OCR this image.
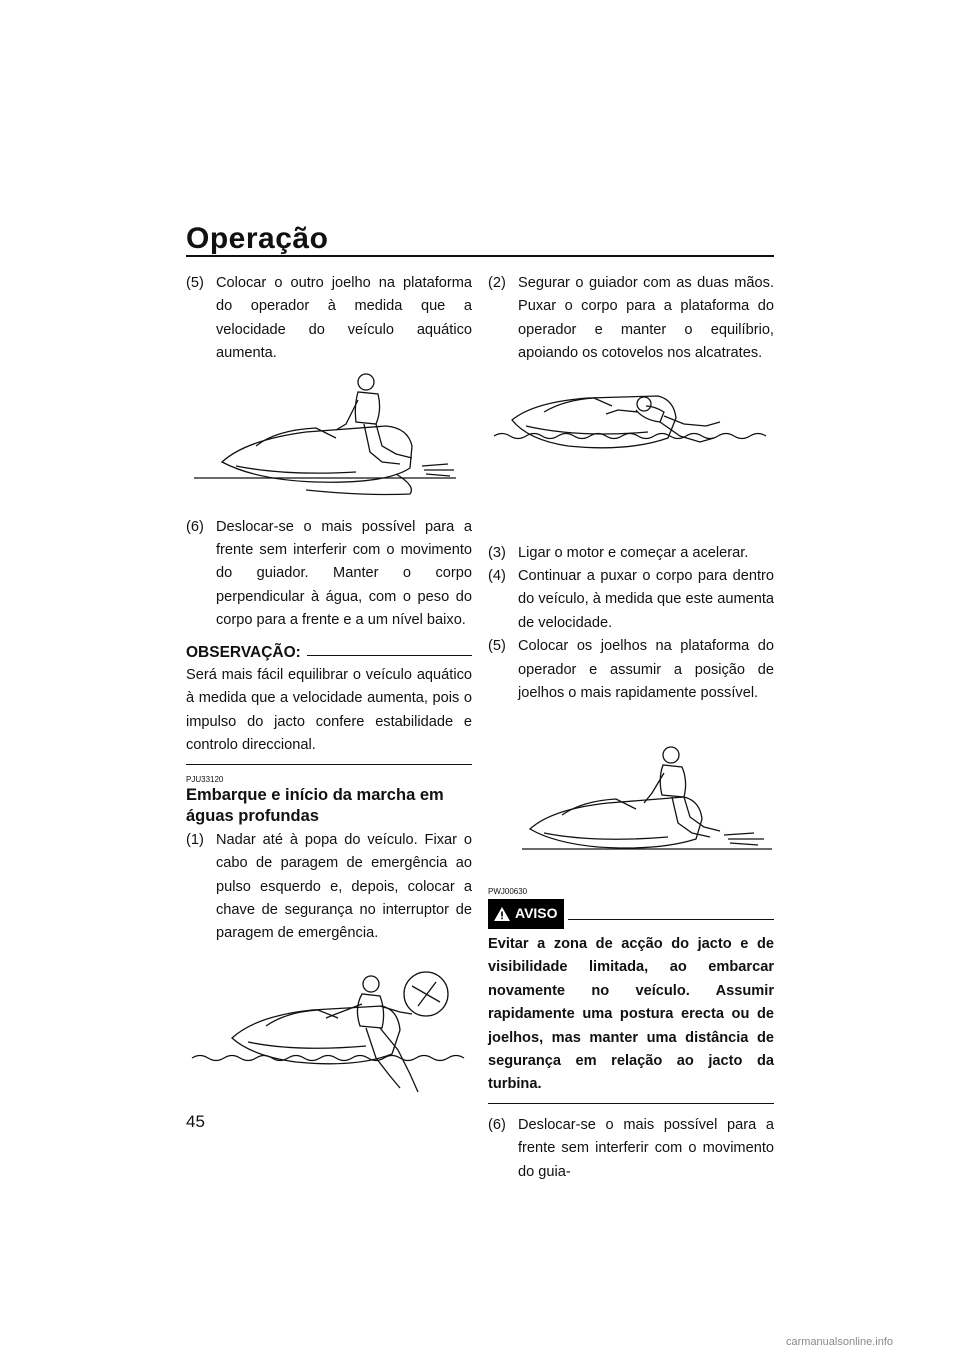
Operação
(5) Colocar o outro joelho na plataforma do operador à medida que a velocidade do veículo aquático aumenta.
(6) Deslocar-se o mais possível para a frente sem interferir com o movimento do guiador. Manter o corpo perpendicular à água, com o peso do corpo para a frente e a um nível baixo.
OBSERVAÇÃO:
Será mais fácil equilibrar o veículo aquático à medida que a velocidade aumenta, pois o impulso do jacto confere estabilidade e controlo direccional.
PJU33120
Embarque e início da marcha em águas profundas
(1) Nadar até à popa do veículo. Fixar o cabo de paragem de emergência ao pulso esquerdo e, depois, colocar a chave de segurança no interruptor de paragem de emergência.
(2) Segurar o guiador com as duas mãos. Puxar o corpo para a plataforma do operador e manter o equilíbrio, apoiando os cotovelos nos alcatrates.
(3) Ligar o motor e começar a acelerar.
(4) Continuar a puxar o corpo para dentro do veículo, à medida que este aumenta de velocidade.
(5) Colocar os joelhos na plataforma do operador e assumir a posição de joelhos o mais rapidamente possível.
PWJ00630
AVISO
Evitar a zona de acção do jacto e de visibilidade limitada, ao embarcar novamente no veículo. Assumir rapidamente uma postura erecta ou de joelhos, mas manter uma distância de segurança em relação ao jacto da turbina.
(6) Deslocar-se o mais possível para a frente sem interferir com o movimento do guia-
45
carmanualsonline.info
